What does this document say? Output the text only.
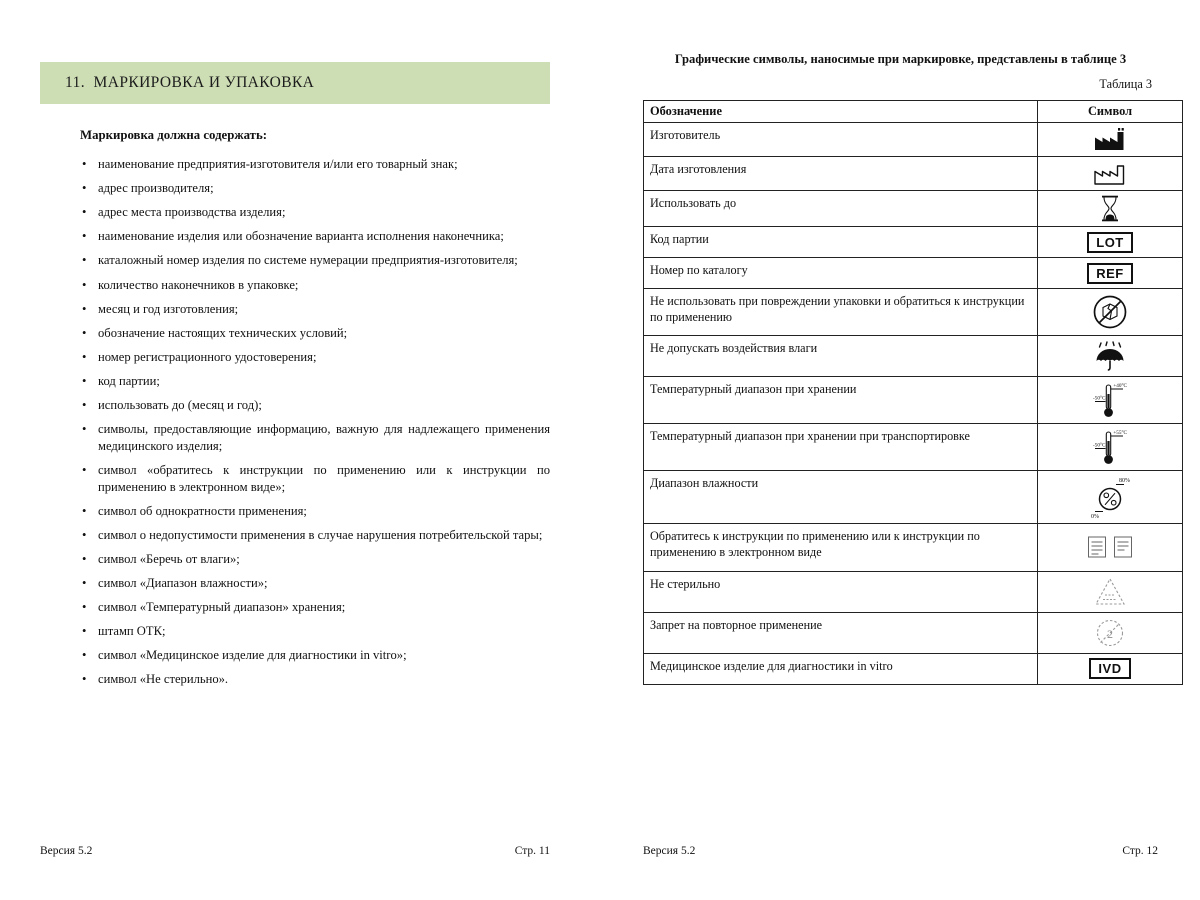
11.  МАРКИРОВКА И УПАКОВКА
Маркировка должна содержать:
• наименование предприятия-изготовителя и/или его товарный знак;
• адрес производителя;
• адрес места производства изделия;
• наименование изделия или обозначение варианта исполнения наконечника;
• каталожный номер изделия по системе нумерации предприятия-изготовителя;
• количество наконечников в упаковке;
• месяц и год изготовления;
• обозначение настоящих технических условий;
• номер регистрационного удостоверения;
• код партии;
• использовать до (месяц и год);
• символы, предоставляющие информацию, важную для надлежащего применения медицинского изделия;
• символ «обратитесь к инструкции по применению или к инструкции по применению в электронном виде»;
• символ об однократности применения;
• символ о недопустимости применения в случае нарушения потребительской тары;
• символ «Беречь от влаги»;
• символ «Диапазон влажности»;
• символ «Температурный диапазон» хранения;
• штамп ОТК;
• символ «Медицинское изделие для диагностики in vitro»;
• символ «Не стерильно».
Версия 5.2	Стр. 11
Графические символы, наносимые при маркировке, представлены в таблице 3
Таблица 3
Обозначение	Символ
Изготовитель	
Дата изготовления	
Использовать до	
Код партии	LOT
Номер по каталогу	REF
Не использовать при повреждении упаковки и обратиться к инструкции по применению	
Не допускать воздействия влаги	
Температурный диапазон при хранении	+40°C
-50°C

Температурный диапазон при хранении при транспортировке	+55°C
-50°C

Диапазон влажности	80%
0%

Обратитесь к инструкции по применению или к инструкции по применению в электронном виде	
Не стерильно	
Запрет на повторное применение	2

Медицинское изделие для диагностики in vitro	IVD
Версия 5.2	Стр. 12
